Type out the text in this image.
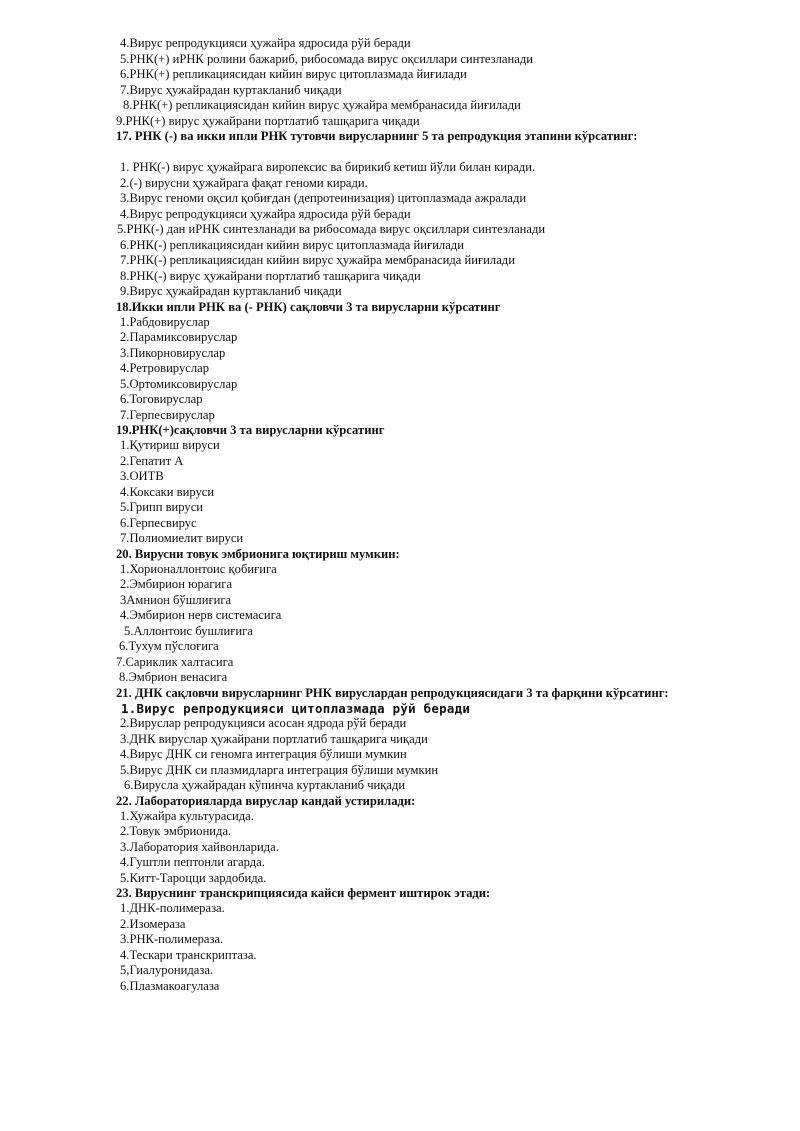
4.Вирус репродукцияси ҳужайра ядросида рўй беради
5.РНК(+) иРНК ролини бажариб, рибосомада вирус оқсиллари синтезланади
6.РНК(+) репликациясидан кийин вирус цитоплазмада йиғилади
7.Вирус ҳужайрадан куртакланиб чиқади
8.РНК(+) репликациясидан кийин вирус ҳужайра мембранасида йиғилади
9.РНК(+) вирус ҳужайрани портлатиб ташқарига чиқади
17. РНК (-) ва икки ипли РНК тутовчи вирусларнинг 5 та репродукция этапини кўрсатинг:
1. РНК(-) вирус ҳужайрага виропексис ва бирикиб кетиш йўли билан киради.
2.(-) вирусни ҳужайрага фақат геноми киради.
3.Вирус геноми оқсил қобиғдан (депротеинизация) цитоплазмада ажралади
4.Вирус репродукцияси ҳужайра ядросида рўй беради
5.РНК(-) дан иРНК синтезланади ва рибосомада вирус оқсиллари синтезланади
6.РНК(-) репликациясидан кийин вирус цитоплазмада йиғилади
7.РНК(-) репликациясидан кийин вирус ҳужайра мембранасида йиғилади
8.РНК(-) вирус ҳужайрани портлатиб ташқарига чиқади
9.Вирус ҳужайрадан куртакланиб чиқади
18.Икки ипли РНК ва (- РНК) сақловчи 3 та вирусларни кўрсатинг
1.Рабдовируслар
2.Парамиксовируслар
3.Пикорновируслар
4.Ретровируслар
5.Ортомиксовируслар
6.Тоговируслар
7.Герпесвируслар
19.РНК(+)сақловчи 3 та вирусларни кўрсатинг
1.Қутириш вируси
2.Гепатит А
3.ОИТВ
4.Коксаки вируси
5.Грипп вируси
6.Герпесвирус
7.Полиомиелит вируси
20. Вирусни товук эмбрионига юқтириш мумкин:
1.Хорионаллонтоис қобиғига
2.Эмбирион юрагига
3Амнион бўшлиғига
4.Эмбирион нерв системасига
5.Аллонтоис бушлиғига
6.Тухум пўслоғига
7.Сариклик халтасига
8.Эмбрион венасига
21. ДНК сақловчи вирусларнинг РНК вируслардан репродукциясидаги 3 та фарқини кўрсатинг:
1.Вирус репродукцияси цитоплазмада рўй беради
2.Вируслар репродукцияси асосан ядрода рўй беради
3.ДНК вируслар ҳужайрани портлатиб ташқарига чиқади
4.Вирус ДНК си геномга интеграция бўлиши мумкин
5.Вирус ДНК си плазмидларга интеграция бўлиши мумкин
6.Вирусла ҳужайрадан кўпинча куртакланиб чиқади
22. Лабораторияларда вируслар кандай устирилади:
1.Хужайра культурасида.
2.Товук эмбрионида.
3.Лаборатория хайвонларида.
4.Гуштли пептонли агарда.
5.Китт-Тароцци зардобида.
23. Вируснинг транскрипциясида кайси фермент иштирок этади:
1.ДНК-полимераза.
2.Изомераза
3.РНК-полимераза.
4.Тескари транскриптаза.
5,Гиалуронидаза.
6.Плазмакоагулаза
